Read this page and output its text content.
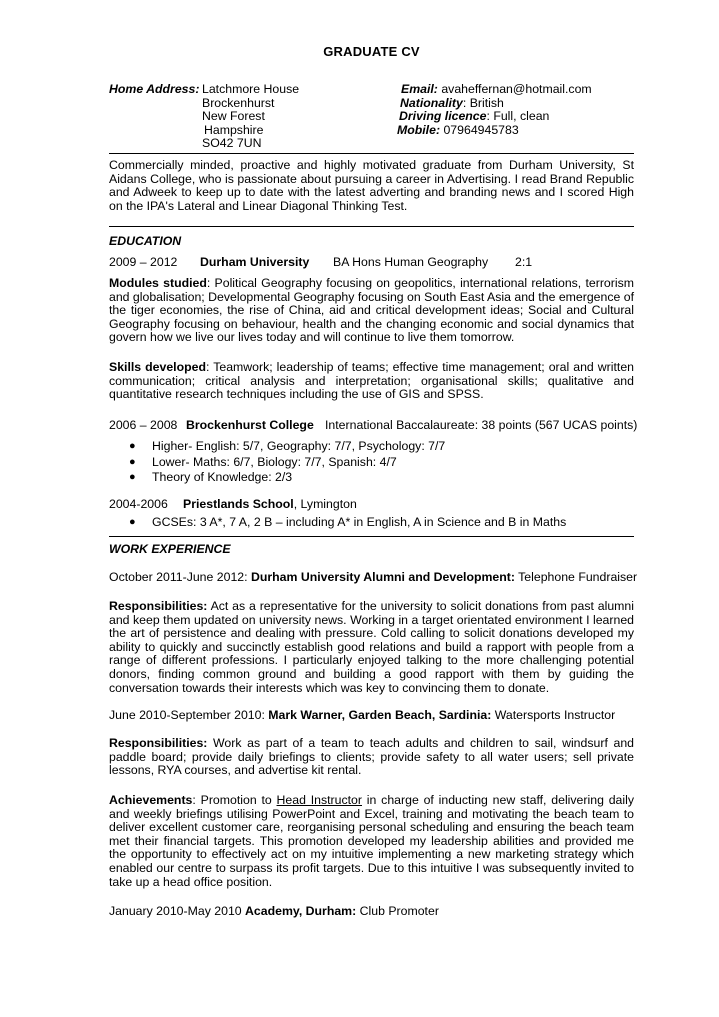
GRADUATE CV
Home Address: Latchmore House
Brockenhurst
New Forest
Hampshire
SO42 7UN
Email: avaheffernan@hotmail.com
Nationality: British
Driving licence: Full, clean
Mobile: 07964945783
Commercially minded, proactive and highly motivated graduate from Durham University, St Aidans College, who is passionate about pursuing a career in Advertising. I read Brand Republic and Adweek to keep up to date with the latest adverting and branding news and I scored High on the IPA's Lateral and Linear Diagonal Thinking Test.
EDUCATION
2009 – 2012 Durham University BA Hons Human Geography 2:1
Modules studied: Political Geography focusing on geopolitics, international relations, terrorism and globalisation; Developmental Geography focusing on South East Asia and the emergence of the tiger economies, the rise of China, aid and critical development ideas; Social and Cultural Geography focusing on behaviour, health and the changing economic and social dynamics that govern how we live our lives today and will continue to live them tomorrow.
Skills developed: Teamwork; leadership of teams; effective time management; oral and written communication; critical analysis and interpretation; organisational skills; qualitative and quantitative research techniques including the use of GIS and SPSS.
2006 – 2008 Brockenhurst College International Baccalaureate: 38 points (567 UCAS points)
● Higher- English: 5/7, Geography: 7/7, Psychology: 7/7
● Lower- Maths: 6/7, Biology: 7/7, Spanish: 4/7
● Theory of Knowledge: 2/3
2004-2006 Priestlands School, Lymington
● GCSEs: 3 A*, 7 A, 2 B – including A* in English, A in Science and B in Maths
WORK EXPERIENCE
October 2011-June 2012: Durham University Alumni and Development: Telephone Fundraiser
Responsibilities: Act as a representative for the university to solicit donations from past alumni and keep them updated on university news. Working in a target orientated environment I learned the art of persistence and dealing with pressure. Cold calling to solicit donations developed my ability to quickly and succinctly establish good relations and build a rapport with people from a range of different professions. I particularly enjoyed talking to the more challenging potential donors, finding common ground and building a good rapport with them by guiding the conversation towards their interests which was key to convincing them to donate.
June 2010-September 2010: Mark Warner, Garden Beach, Sardinia: Watersports Instructor
Responsibilities: Work as part of a team to teach adults and children to sail, windsurf and paddle board; provide daily briefings to clients; provide safety to all water users; sell private lessons, RYA courses, and advertise kit rental.
Achievements: Promotion to Head Instructor in charge of inducting new staff, delivering daily and weekly briefings utilising PowerPoint and Excel, training and motivating the beach team to deliver excellent customer care, reorganising personal scheduling and ensuring the beach team met their financial targets. This promotion developed my leadership abilities and provided me the opportunity to effectively act on my intuitive implementing a new marketing strategy which enabled our centre to surpass its profit targets. Due to this intuitive I was subsequently invited to take up a head office position.
January 2010-May 2010 Academy, Durham: Club Promoter
